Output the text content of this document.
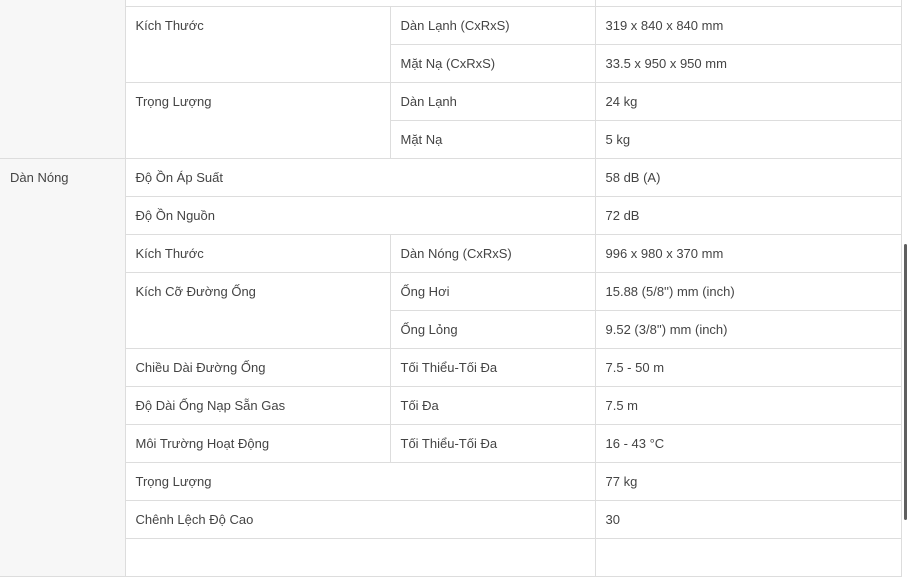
	Kích Thước	Dàn Lạnh (CxRxS)	319 x 840 x 840 mm
		Mặt Nạ (CxRxS)	33.5 x 950 x 950 mm
	Trọng Lượng	Dàn Lạnh	24 kg
		Mặt Nạ	5 kg
Dàn Nóng	Độ Ồn Áp Suất		58 dB (A)
	Độ Ồn Nguồn		72 dB
	Kích Thước	Dàn Nóng (CxRxS)	996 x 980 x 370 mm
	Kích Cỡ Đường Ống	Ống Hơi	15.88 (5/8'') mm (inch)
		Ống Lỏng	9.52 (3/8'') mm (inch)
	Chiều Dài Đường Ống	Tối Thiểu-Tối Đa	7.5 - 50 m
	Độ Dài Ống Nạp Sẵn Gas	Tối Đa	7.5 m
	Môi Trường Hoạt Động	Tối Thiểu-Tối Đa	16 - 43 °C
	Trọng Lượng		77 kg
	Chênh Lệch Độ Cao		30
